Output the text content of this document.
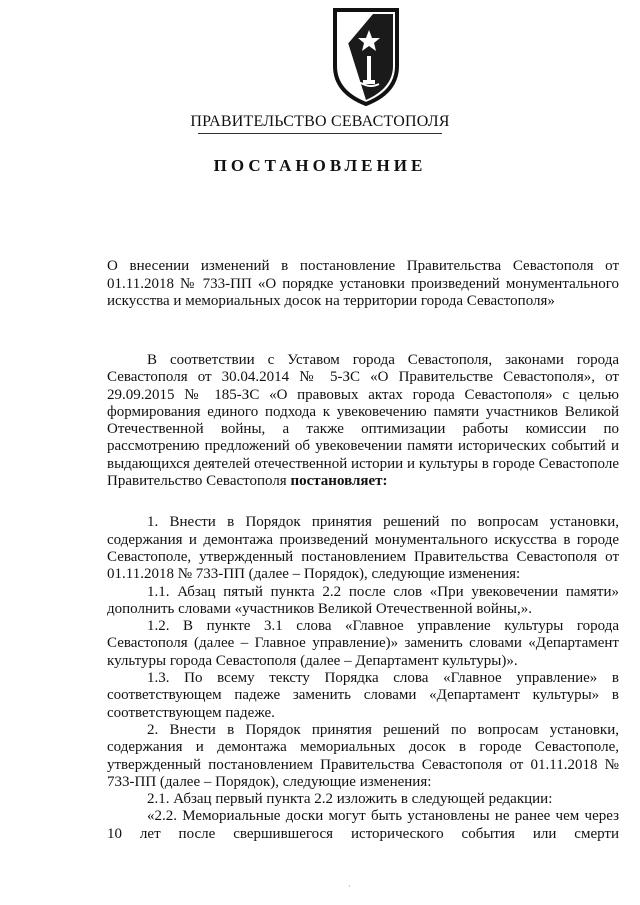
ПРАВИТЕЛЬСТВО СЕВАСТОПОЛЯ
ПОСТАНОВЛЕНИЕ
О внесении изменений в постановление Правительства Севастополя от 01.11.2018 № 733-ПП «О порядке установки произведений монументального искусства и мемориальных досок на территории города Севастополя»

В соответствии с Уставом города Севастополя, законами города Севастополя от 30.04.2014 № 5-ЗС «О Правительстве Севастополя», от 29.09.2015 № 185-ЗС «О правовых актах города Севастополя» с целью формирования единого подхода к увековечению памяти участников Великой Отечественной войны, а также оптимизации работы комиссии по рассмотрению предложений об увековечении памяти исторических событий и выдающихся деятелей отечественной истории и культуры в городе Севастополе Правительство Севастополя постановляет:

1. Внести в Порядок принятия решений по вопросам установки, содержания и демонтажа произведений монументального искусства в городе Севастополе, утвержденный постановлением Правительства Севастополя от 01.11.2018 № 733-ПП (далее – Порядок), следующие изменения:

1.1. Абзац пятый пункта 2.2 после слов «При увековечении памяти» дополнить словами «участников Великой Отечественной войны,».

1.2. В пункте 3.1 слова «Главное управление культуры города Севастополя (далее – Главное управление)» заменить словами «Департамент культуры города Севастополя (далее – Департамент культуры)».

1.3. По всему тексту Порядка слова «Главное управление» в соответствующем падеже заменить словами «Департамент культуры» в соответствующем падеже.

2. Внести в Порядок принятия решений по вопросам установки, содержания и демонтажа мемориальных досок в городе Севастополе, утвержденный постановлением Правительства Севастополя от 01.11.2018 № 733-ПП (далее – Порядок), следующие изменения:

2.1. Абзац первый пункта 2.2 изложить в следующей редакции:

«2.2. Мемориальные доски могут быть установлены не ранее чем через 10 лет после свершившегося исторического события или смерти

·
